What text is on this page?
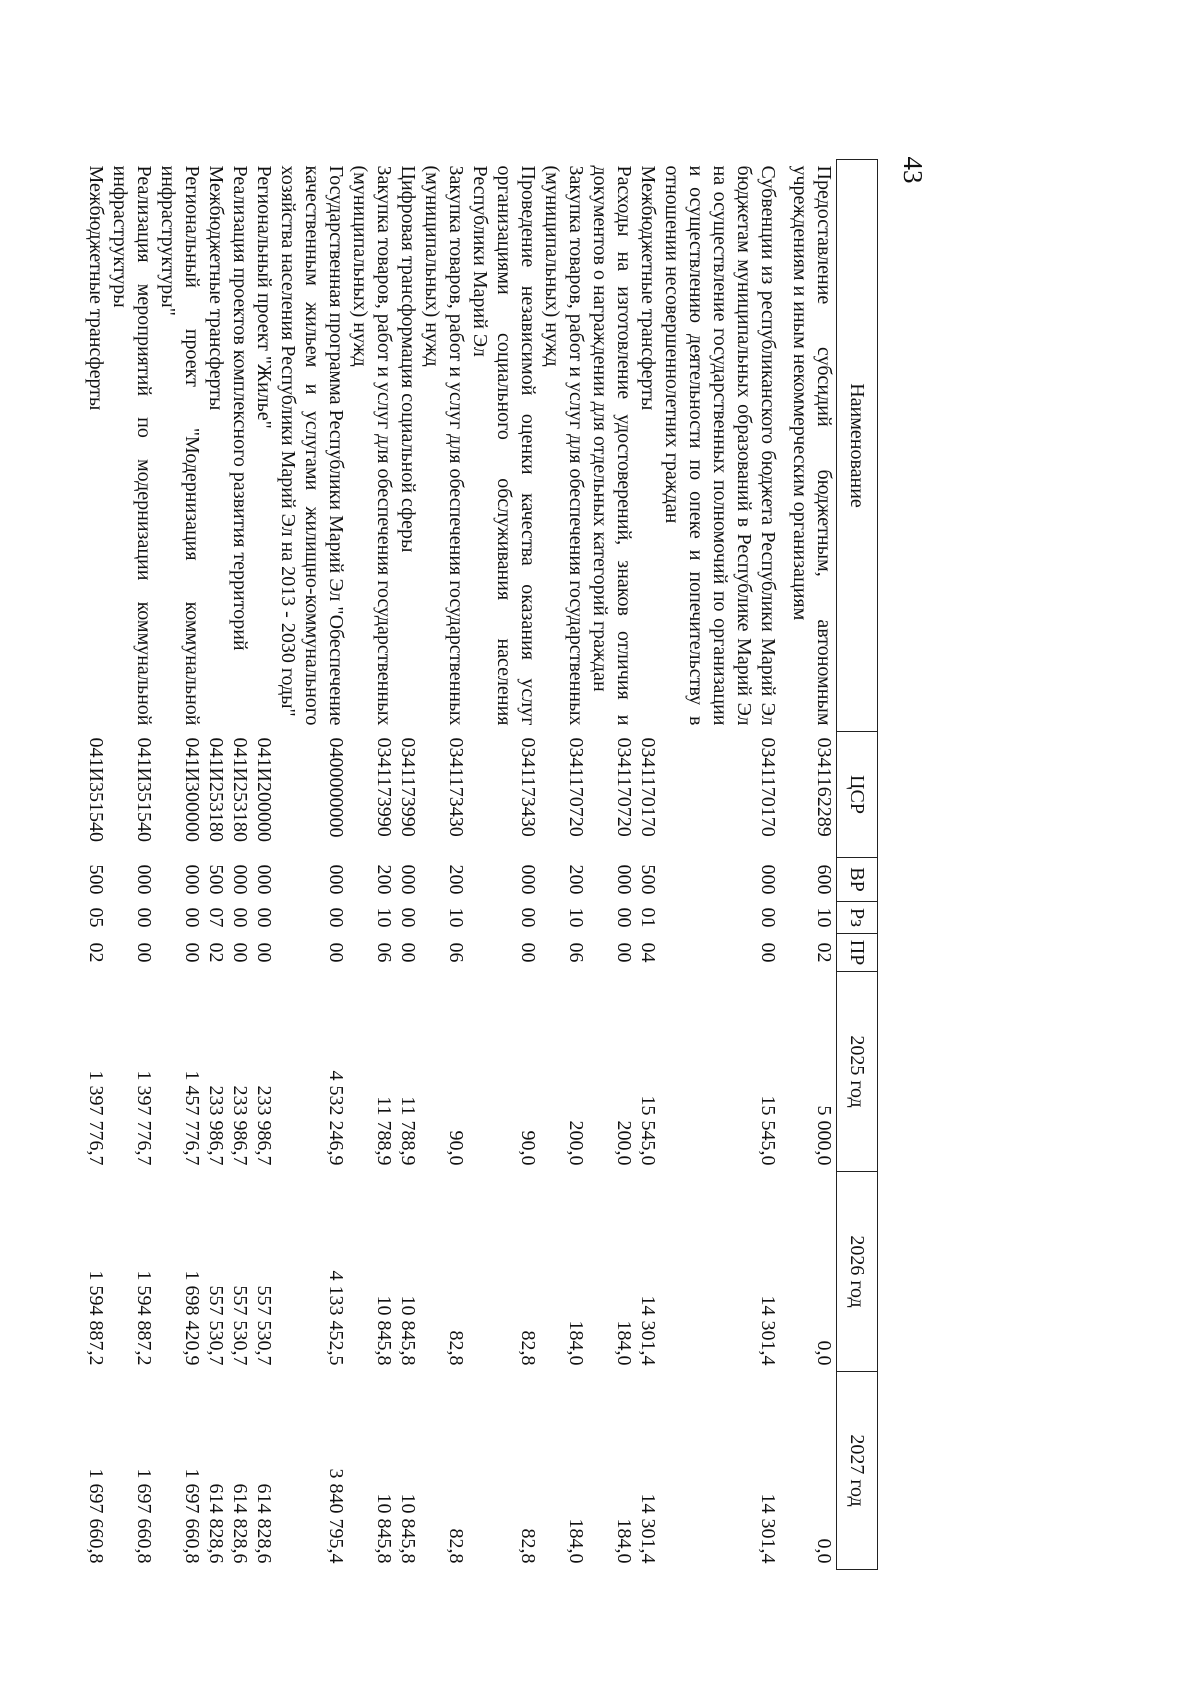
43
Наименование	ЦСР	ВР	Рз	ПР	2025 год	2026 год	2027 год
Предоставление субсидий бюджетным, автономным учреждениям и иным некоммерческим организациям	0341162289	600	10	02	5 000,0	0,0	0,0
Субвенции из республиканского бюджета Республики Марий Эл бюджетам муниципальных образований в Республике Марий Эл на осуществление государственных полномочий по организации и осуществлению деятельности по опеке и попечительству в отношении несовершеннолетних граждан	0341170170	000	00	00	15 545,0	14 301,4	14 301,4
Межбюджетные трансферты	0341170170	500	01	04	15 545,0	14 301,4	14 301,4
Расходы на изготовление удостоверений, знаков отличия и документов о награждении для отдельных категорий граждан	0341170720	000	00	00	200,0	184,0	184,0
Закупка товаров, работ и услуг для обеспечения государственных (муниципальных) нужд	0341170720	200	10	06	200,0	184,0	184,0
Проведение независимой оценки качества оказания услуг организациями социального обслуживания населения Республики Марий Эл	0341173430	000	00	00	90,0	82,8	82,8
Закупка товаров, работ и услуг для обеспечения государственных (муниципальных) нужд	0341173430	200	10	06	90,0	82,8	82,8
Цифровая трансформация социальной сферы	0341173990	000	00	00	11 788,9	10 845,8	10 845,8
Закупка товаров, работ и услуг для обеспечения государственных (муниципальных) нужд	0341173990	200	10	06	11 788,9	10 845,8	10 845,8
Государственная программа Республики Марий Эл "Обеспечение качественным жильем и услугами жилищно-коммунального хозяйства населения Республики Марий Эл на 2013 - 2030 годы"	0400000000	000	00	00	4 532 246,9	4 133 452,5	3 840 795,4
Региональный проект "Жилье"	041И200000	000	00	00	233 986,7	557 530,7	614 828,6
Реализация проектов комплексного развития территорий	041И253180	000	00	00	233 986,7	557 530,7	614 828,6
Межбюджетные трансферты	041И253180	500	07	02	233 986,7	557 530,7	614 828,6
Региональный проект "Модернизация коммунальной инфраструктуры"	041И300000	000	00	00	1 457 776,7	1 698 420,9	1 697 660,8
Реализация мероприятий по модернизации коммунальной инфраструктуры	041И351540	000	00	00	1 397 776,7	1 594 887,2	1 697 660,8
Межбюджетные трансферты	041И351540	500	05	02	1 397 776,7	1 594 887,2	1 697 660,8
